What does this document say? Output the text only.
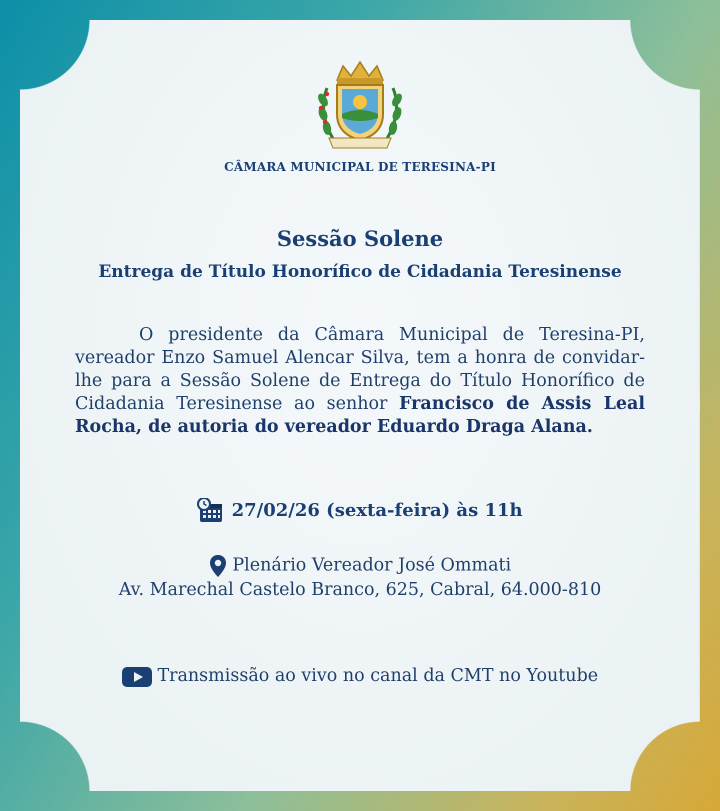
CÂMARA MUNICIPAL DE TERESINA-PI
Sessão Solene
Entrega de Título Honorífico de Cidadania Teresinense
O presidente da Câmara Municipal de Teresina-PI, vereador Enzo Samuel Alencar Silva, tem a honra de convidar-lhe para a Sessão Solene de Entrega do Título Honorífico de Cidadania Teresinense ao senhor Francisco de Assis Leal Rocha, de autoria do vereador Eduardo Draga Alana.
27/02/26 (sexta-feira) às 11h
Plenário Vereador José Ommati
Av. Marechal Castelo Branco, 625, Cabral, 64.000-810
Transmissão ao vivo no canal da CMT no Youtube
